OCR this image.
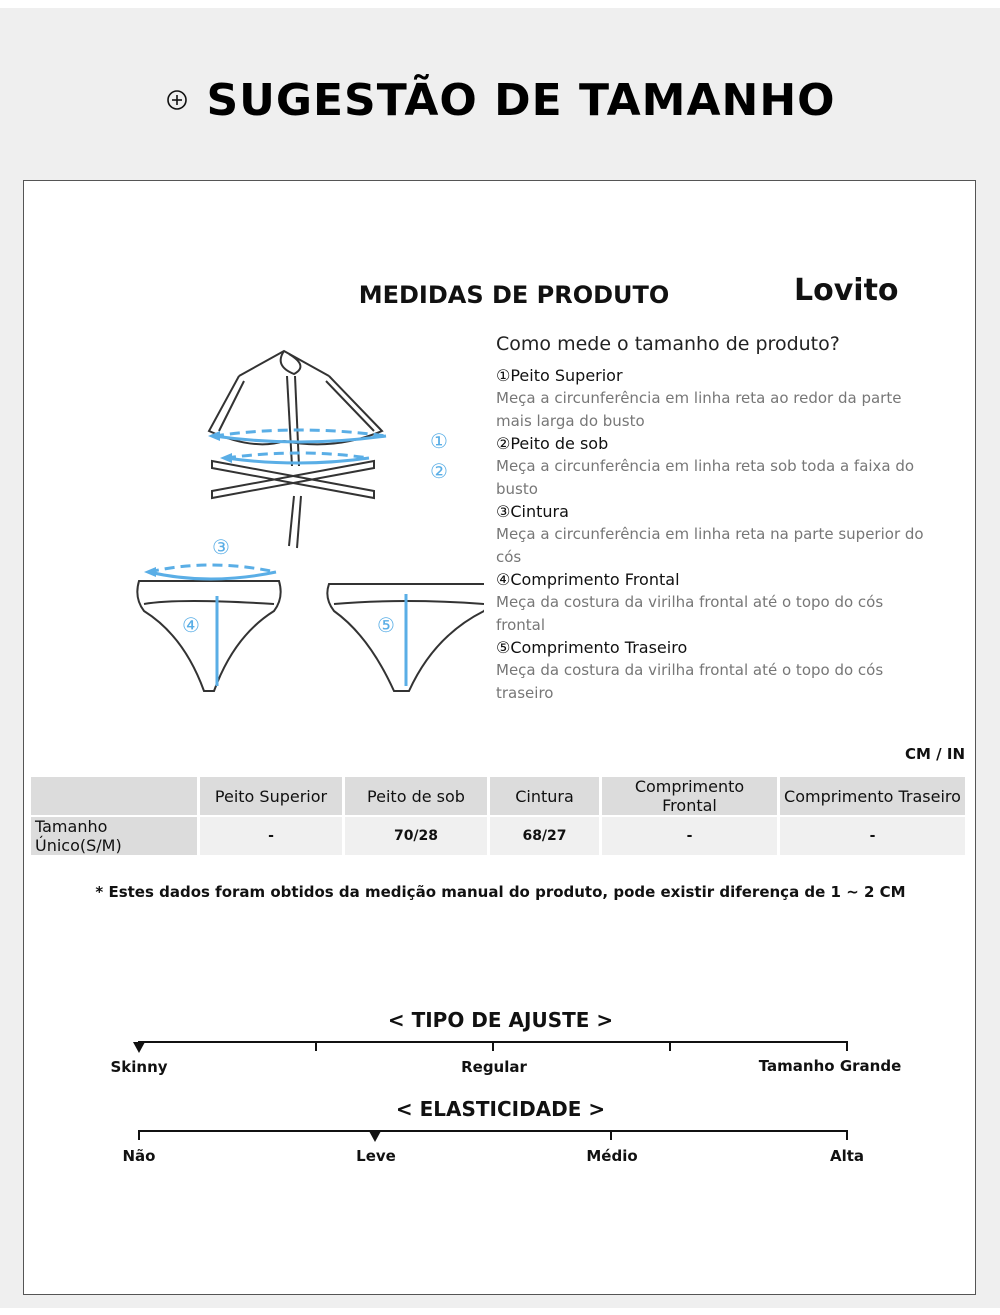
SUGESTÃO DE TAMANHO
MEDIDAS DE PRODUTO	Lovito
①
②
③
④	⑤
Como mede o tamanho de produto?
①Peito Superior
Meça a circunferência em linha reta ao redor da parte mais larga do busto
②Peito de sob
Meça a circunferência em linha reta sob toda a faixa do busto
③Cintura
Meça a circunferência em linha reta na parte superior do cós
④Comprimento Frontal
Meça da costura da virilha frontal até o topo do cós frontal
⑤Comprimento Traseiro
Meça da costura da virilha frontal até o topo do cós traseiro
CM / IN
	Peito Superior	Peito de sob	Cintura	Comprimento Frontal	Comprimento Traseiro
Tamanho Único(S/M)	-	70/28	68/27	-	-
* Estes dados foram obtidos da medição manual do produto, pode existir diferença de 1 ~ 2 CM
< TIPO DE AJUSTE >
Skinny	Regular	Tamanho Grande
< ELASTICIDADE >
Não	Leve	Médio	Alta
